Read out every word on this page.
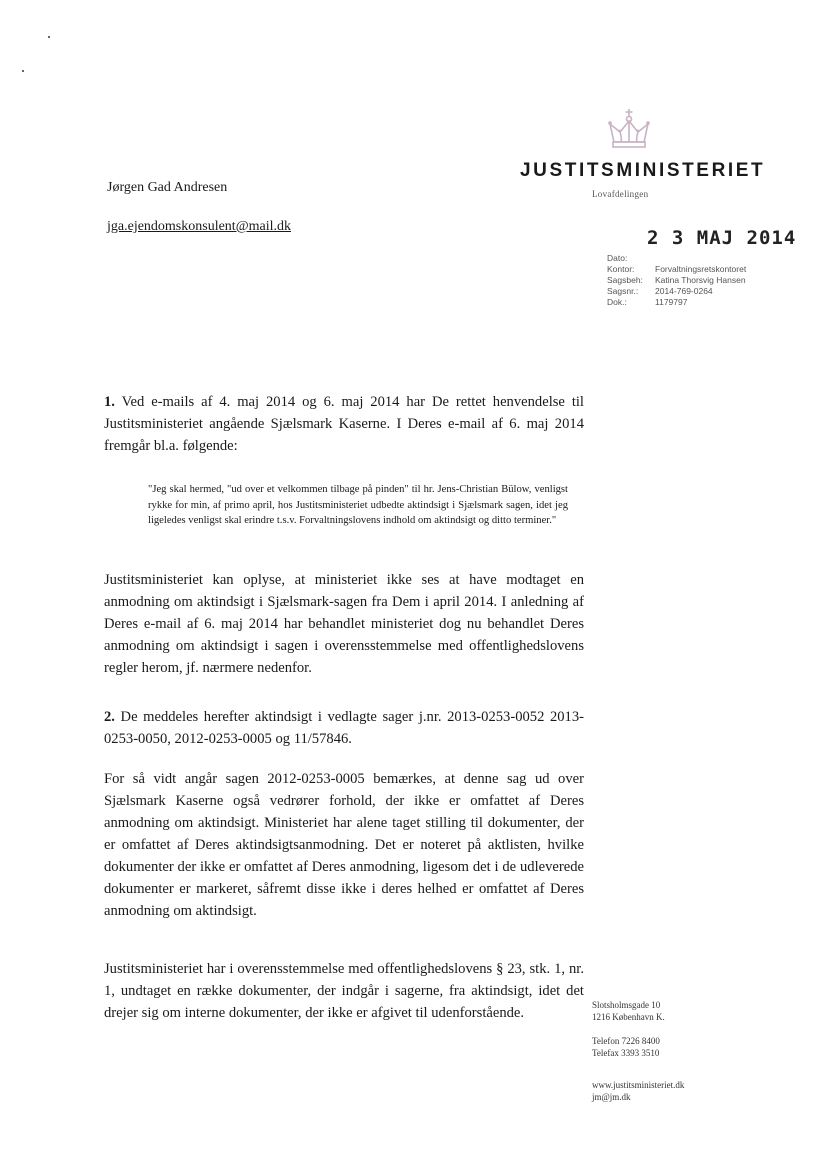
JUSTITSMINISTERIET
Lovafdelingen
2 3 MAJ 2014
Dato:
Kontor:	Forvaltningsretskontoret
Sagsbeh:	Katina Thorsvig Hansen
Sagsnr.:	2014-769-0264
Dok.:	1179797
Jørgen Gad Andresen
jga.ejendomskonsulent@mail.dk

1. Ved e-mails af 4. maj 2014 og 6. maj 2014 har De rettet henvendelse til Justitsministeriet angående Sjælsmark Kaserne. I Deres e-mail af 6. maj 2014 fremgår bl.a. følgende:

"Jeg skal hermed, "ud over et velkommen tilbage på pinden" til hr. Jens-Christian Bülow, venligst rykke for min, af primo april, hos Justitsministeriet udbedte aktindsigt i Sjælsmark sagen, idet jeg ligeledes venligst skal erindre t.s.v. Forvaltningslovens indhold om aktindsigt og ditto terminer."

Justitsministeriet kan oplyse, at ministeriet ikke ses at have modtaget en anmodning om aktindsigt i Sjælsmark-sagen fra Dem i april 2014. I anledning af Deres e-mail af 6. maj 2014 har behandlet ministeriet dog nu behandlet Deres anmodning om aktindsigt i sagen i overensstemmelse med offentlighedslovens regler herom, jf. nærmere nedenfor.

2. De meddeles herefter aktindsigt i vedlagte sager j.nr. 2013-0253-0052 2013-0253-0050, 2012-0253-0005 og 11/57846.

For så vidt angår sagen 2012-0253-0005 bemærkes, at denne sag ud over Sjælsmark Kaserne også vedrører forhold, der ikke er omfattet af Deres anmodning om aktindsigt. Ministeriet har alene taget stilling til dokumenter, der er omfattet af Deres aktindsigtsanmodning. Det er noteret på aktlisten, hvilke dokumenter der ikke er omfattet af Deres anmodning, ligesom det i de udleverede dokumenter er markeret, såfremt disse ikke i deres helhed er omfattet af Deres anmodning om aktindsigt.

Justitsministeriet har i overensstemmelse med offentlighedslovens § 23, stk. 1, nr. 1, undtaget en række dokumenter, der indgår i sagerne, fra aktindsigt, idet det drejer sig om interne dokumenter, der ikke er afgivet til udenforstående.	Slotsholmsgade 10
1216 København K.
Telefon 7226 8400
Telefax 3393 3510
www.justitsministeriet.dk
jm@jm.dk
